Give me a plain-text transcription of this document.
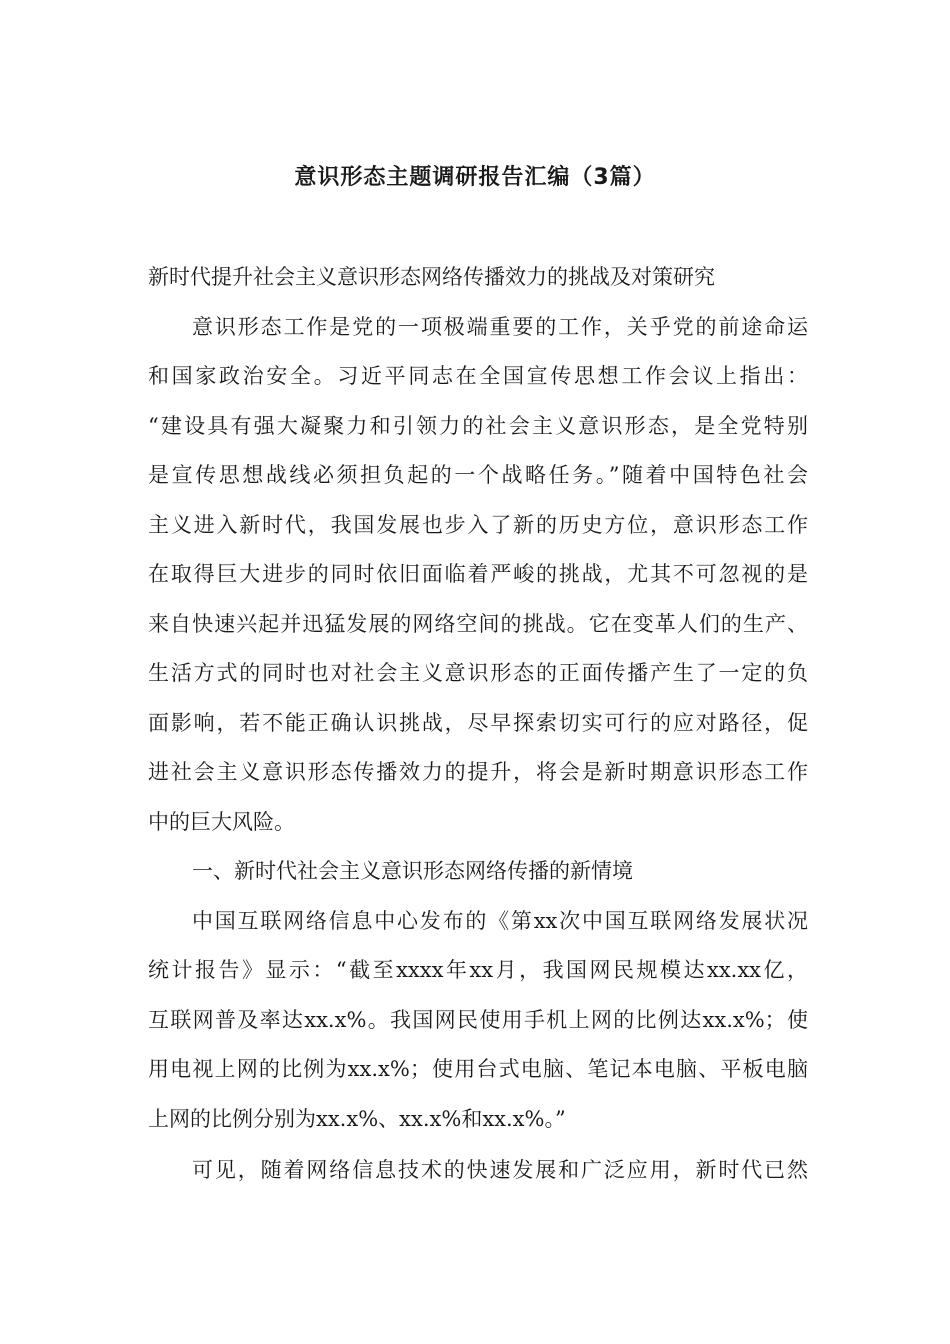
意识形态主题调研报告汇编（3篇）
新时代提升社会主义意识形态网络传播效力的挑战及对策研究
意识形态工作是党的一项极端重要的工作，关乎党的前途命运
和国家政治安全。习近平同志在全国宣传思想工作会议上指出：
“建设具有强大凝聚力和引领力的社会主义意识形态，是全党特别
是宣传思想战线必须担负起的一个战略任务。”随着中国特色社会
主义进入新时代，我国发展也步入了新的历史方位，意识形态工作
在取得巨大进步的同时依旧面临着严峻的挑战，尤其不可忽视的是
来自快速兴起并迅猛发展的网络空间的挑战。它在变革人们的生产、
生活方式的同时也对社会主义意识形态的正面传播产生了一定的负
面影响，若不能正确认识挑战，尽早探索切实可行的应对路径，促
进社会主义意识形态传播效力的提升，将会是新时期意识形态工作
中的巨大风险。
一、新时代社会主义意识形态网络传播的新情境
中国互联网络信息中心发布的《第xx次中国互联网络发展状况
统计报告》显示：“截至xxxx年xx月，我国网民规模达xx.xx亿，
互联网普及率达xx.x%。我国网民使用手机上网的比例达xx.x%；使
用电视上网的比例为xx.x%；使用台式电脑、笔记本电脑、平板电脑
上网的比例分别为xx.x%、xx.x%和xx.x%。”
可见，随着网络信息技术的快速发展和广泛应用，新时代已然
